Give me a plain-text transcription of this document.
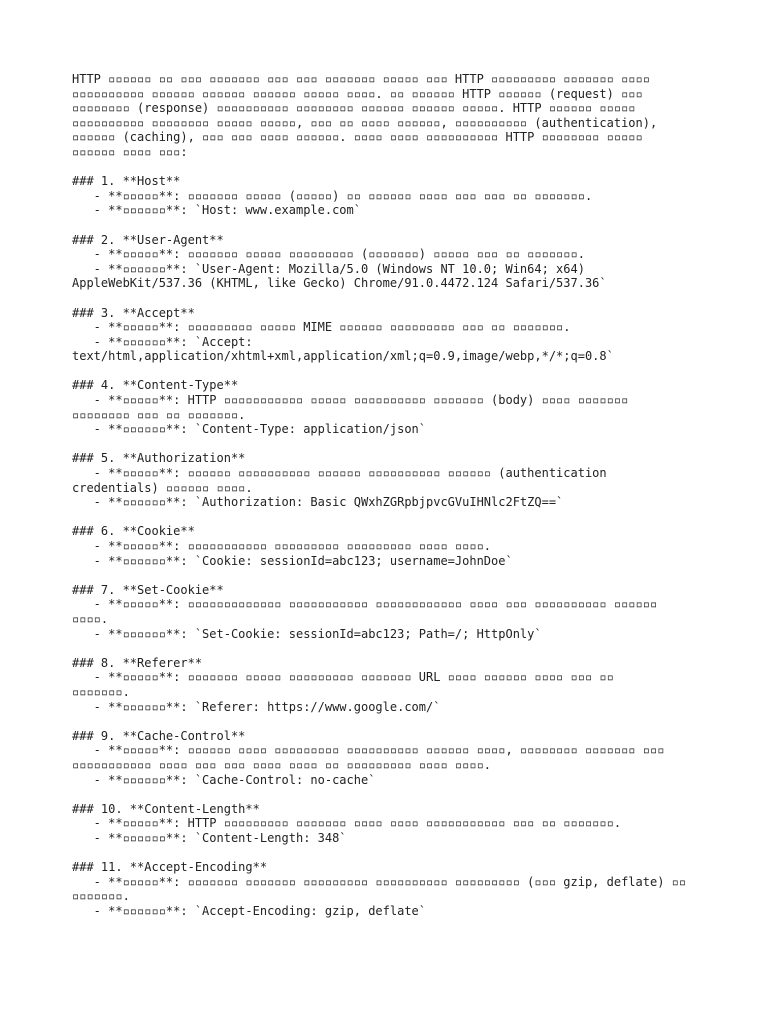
HTTP ▫▫▫▫▫▫ ▫▫ ▫▫▫ ▫▫▫▫▫▫▫ ▫▫▫ ▫▫▫ ▫▫▫▫▫▫▫ ▫▫▫▫▫ ▫▫▫ HTTP ▫▫▫▫▫▫▫▫▫ ▫▫▫▫▫▫▫ ▫▫▫▫
▫▫▫▫▫▫▫▫▫▫ ▫▫▫▫▫▫ ▫▫▫▫▫▫ ▫▫▫▫▫▫ ▫▫▫▫▫ ▫▫▫▫. ▫▫ ▫▫▫▫▫▫ HTTP ▫▫▫▫▫▫ (request) ▫▫▫
▫▫▫▫▫▫▫▫ (response) ▫▫▫▫▫▫▫▫▫▫ ▫▫▫▫▫▫▫▫ ▫▫▫▫▫▫ ▫▫▫▫▫▫ ▫▫▫▫▫. HTTP ▫▫▫▫▫▫ ▫▫▫▫▫
▫▫▫▫▫▫▫▫▫▫ ▫▫▫▫▫▫▫▫ ▫▫▫▫▫ ▫▫▫▫▫, ▫▫▫ ▫▫ ▫▫▫▫ ▫▫▫▫▫▫, ▫▫▫▫▫▫▫▫▫▫ (authentication),
▫▫▫▫▫▫ (caching), ▫▫▫ ▫▫▫ ▫▫▫▫ ▫▫▫▫▫▫. ▫▫▫▫ ▫▫▫▫ ▫▫▫▫▫▫▫▫▫▫ HTTP ▫▫▫▫▫▫▫▫ ▫▫▫▫▫
▫▫▫▫▫▫ ▫▫▫▫ ▫▫▫:
### 1. **Host**
- **▫▫▫▫▫**: ▫▫▫▫▫▫▫ ▫▫▫▫▫ (▫▫▫▫▫) ▫▫ ▫▫▫▫▫▫ ▫▫▫▫ ▫▫▫ ▫▫▫ ▫▫ ▫▫▫▫▫▫▫.
- **▫▫▫▫▫▫**: `Host: www.example.com`
### 2. **User-Agent**
- **▫▫▫▫▫**: ▫▫▫▫▫▫▫ ▫▫▫▫▫ ▫▫▫▫▫▫▫▫▫ (▫▫▫▫▫▫▫) ▫▫▫▫▫ ▫▫▫ ▫▫ ▫▫▫▫▫▫▫.
- **▫▫▫▫▫▫**: `User-Agent: Mozilla/5.0 (Windows NT 10.0; Win64; x64)
AppleWebKit/537.36 (KHTML, like Gecko) Chrome/91.0.4472.124 Safari/537.36`
### 3. **Accept**
- **▫▫▫▫▫**: ▫▫▫▫▫▫▫▫▫ ▫▫▫▫▫ MIME ▫▫▫▫▫▫ ▫▫▫▫▫▫▫▫▫ ▫▫▫ ▫▫ ▫▫▫▫▫▫▫.
- **▫▫▫▫▫▫**: `Accept:
text/html,application/xhtml+xml,application/xml;q=0.9,image/webp,*/*;q=0.8`
### 4. **Content-Type**
- **▫▫▫▫▫**: HTTP ▫▫▫▫▫▫▫▫▫▫▫ ▫▫▫▫▫ ▫▫▫▫▫▫▫▫▫▫ ▫▫▫▫▫▫▫ (body) ▫▫▫▫ ▫▫▫▫▫▫▫
▫▫▫▫▫▫▫▫ ▫▫▫ ▫▫ ▫▫▫▫▫▫▫.
- **▫▫▫▫▫▫**: `Content-Type: application/json`
### 5. **Authorization**
- **▫▫▫▫▫**: ▫▫▫▫▫▫ ▫▫▫▫▫▫▫▫▫▫ ▫▫▫▫▫▫ ▫▫▫▫▫▫▫▫▫▫ ▫▫▫▫▫▫ (authentication
credentials) ▫▫▫▫▫▫ ▫▫▫▫.
- **▫▫▫▫▫▫**: `Authorization: Basic QWxhZGRpbjpvcGVuIHNlc2FtZQ==`
### 6. **Cookie**
- **▫▫▫▫▫**: ▫▫▫▫▫▫▫▫▫▫▫ ▫▫▫▫▫▫▫▫▫ ▫▫▫▫▫▫▫▫▫ ▫▫▫▫ ▫▫▫▫.
- **▫▫▫▫▫▫**: `Cookie: sessionId=abc123; username=JohnDoe`
### 7. **Set-Cookie**
- **▫▫▫▫▫**: ▫▫▫▫▫▫▫▫▫▫▫▫▫ ▫▫▫▫▫▫▫▫▫▫▫ ▫▫▫▫▫▫▫▫▫▫▫▫ ▫▫▫▫ ▫▫▫ ▫▫▫▫▫▫▫▫▫▫ ▫▫▫▫▫▫
▫▫▫▫.
- **▫▫▫▫▫▫**: `Set-Cookie: sessionId=abc123; Path=/; HttpOnly`
### 8. **Referer**
- **▫▫▫▫▫**: ▫▫▫▫▫▫▫ ▫▫▫▫▫ ▫▫▫▫▫▫▫▫▫ ▫▫▫▫▫▫▫ URL ▫▫▫▫ ▫▫▫▫▫▫ ▫▫▫▫ ▫▫▫ ▫▫
▫▫▫▫▫▫▫.
- **▫▫▫▫▫▫**: `Referer: https://www.google.com/`
### 9. **Cache-Control**
- **▫▫▫▫▫**: ▫▫▫▫▫▫ ▫▫▫▫ ▫▫▫▫▫▫▫▫▫ ▫▫▫▫▫▫▫▫▫▫ ▫▫▫▫▫▫ ▫▫▫▫, ▫▫▫▫▫▫▫▫ ▫▫▫▫▫▫▫ ▫▫▫
▫▫▫▫▫▫▫▫▫▫▫ ▫▫▫▫ ▫▫▫ ▫▫▫ ▫▫▫▫ ▫▫▫▫ ▫▫ ▫▫▫▫▫▫▫▫▫ ▫▫▫▫ ▫▫▫▫.
- **▫▫▫▫▫▫**: `Cache-Control: no-cache`
### 10. **Content-Length**
- **▫▫▫▫▫**: HTTP ▫▫▫▫▫▫▫▫▫ ▫▫▫▫▫▫▫ ▫▫▫▫ ▫▫▫▫ ▫▫▫▫▫▫▫▫▫▫▫ ▫▫▫ ▫▫ ▫▫▫▫▫▫▫.
- **▫▫▫▫▫▫**: `Content-Length: 348`
### 11. **Accept-Encoding**
- **▫▫▫▫▫**: ▫▫▫▫▫▫▫ ▫▫▫▫▫▫▫ ▫▫▫▫▫▫▫▫▫ ▫▫▫▫▫▫▫▫▫▫ ▫▫▫▫▫▫▫▫▫ (▫▫▫ gzip, deflate) ▫▫
▫▫▫▫▫▫▫.
- **▫▫▫▫▫▫**: `Accept-Encoding: gzip, deflate`
